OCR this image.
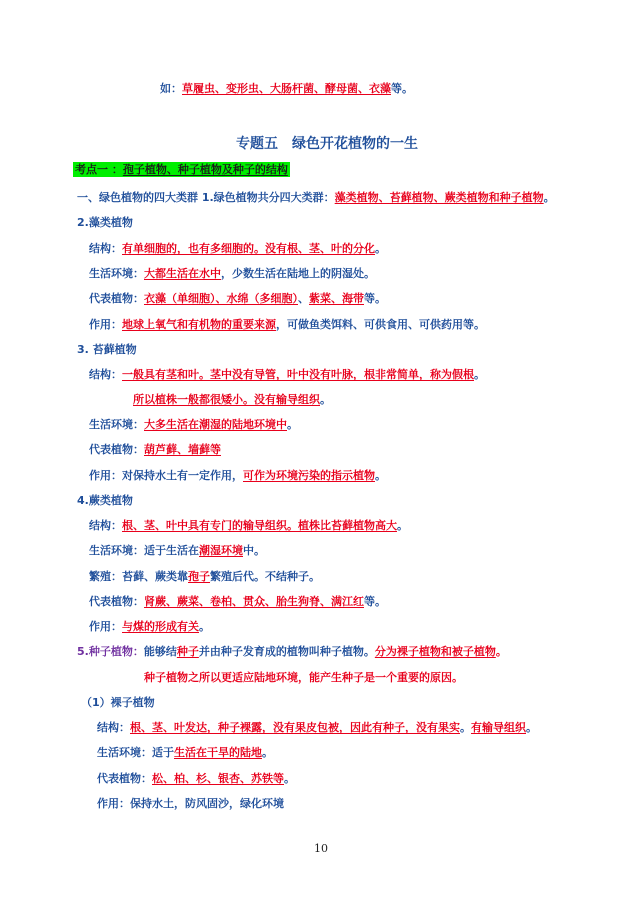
如：草履虫、变形虫、大肠杆菌、酵母菌、衣藻等。
专题五　绿色开花植物的一生
考点一 ：孢子植物、种子植物及种子的结构
一、绿色植物的四大类群 1.绿色植物共分四大类群：藻类植物、苔藓植物、蕨类植物和种子植物。
2.藻类植物
结构：有单细胞的，也有多细胞的。没有根、茎、叶的分化。
生活环境：大都生活在水中，少数生活在陆地上的阴湿处。
代表植物：衣藻（单细胞）、水绵（多细胞）、紫菜、海带等。
作用：地球上氧气和有机物的重要来源，可做鱼类饵料、可供食用、可供药用等。
3. 苔藓植物
结构：一般具有茎和叶。茎中没有导管，叶中没有叶脉，根非常简单，称为假根。
所以植株一般都很矮小。没有输导组织。
生活环境：大多生活在潮湿的陆地环境中。
代表植物：葫芦藓、墙藓等
作用：对保持水土有一定作用，可作为环境污染的指示植物。
4.蕨类植物
结构：根、茎、叶中具有专门的输导组织。植株比苔藓植物高大。
生活环境：适于生活在潮湿环境中。
繁殖：苔藓、蕨类靠孢子繁殖后代。不结种子。
代表植物：肾蕨、蕨菜、卷柏、贯众、胎生狗脊、满江红等。
作用：与煤的形成有关。
5.种子植物：能够结种子并由种子发育成的植物叫种子植物。分为裸子植物和被子植物。
种子植物之所以更适应陆地环境，能产生种子是一个重要的原因。
（1）裸子植物
结构：根、茎、叶发达，种子裸露，没有果皮包被，因此有种子，没有果实。有输导组织。
生活环境：适于生活在干旱的陆地。
代表植物：松、柏、杉、银杏、苏铁等。
作用：保持水土，防风固沙，绿化环境
10
